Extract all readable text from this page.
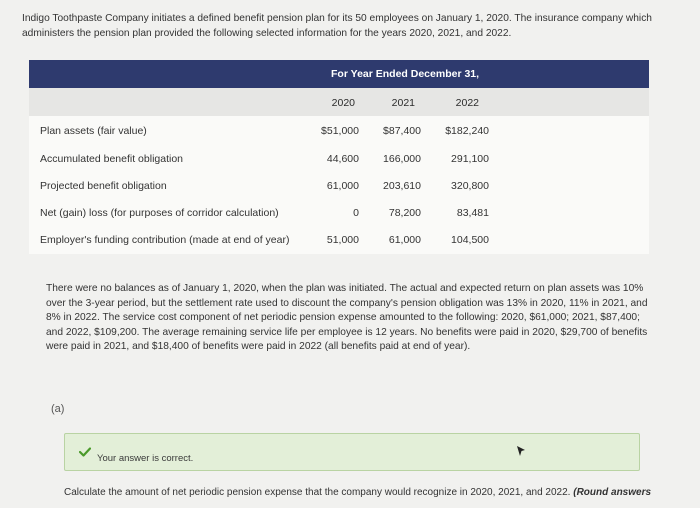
Indigo Toothpaste Company initiates a defined benefit pension plan for its 50 employees on January 1, 2020. The insurance company which administers the pension plan provided the following selected information for the years 2020, 2021, and 2022.
For Year Ended December 31,
2020	2021	2022
Plan assets (fair value)	$51,000	$87,400	$182,240
Accumulated benefit obligation	44,600	166,000	291,100
Projected benefit obligation	61,000	203,610	320,800
Net (gain) loss (for purposes of corridor calculation)	0	78,200	83,481
Employer's funding contribution (made at end of year)	51,000	61,000	104,500
There were no balances as of January 1, 2020, when the plan was initiated. The actual and expected return on plan assets was 10% over the 3-year period, but the settlement rate used to discount the company's pension obligation was 13% in 2020, 11% in 2021, and 8% in 2022. The service cost component of net periodic pension expense amounted to the following: 2020, $61,000; 2021, $87,400; and 2022, $109,200. The average remaining service life per employee is 12 years. No benefits were paid in 2020, $29,700 of benefits were paid in 2021, and $18,400 of benefits were paid in 2022 (all benefits paid at end of year).
(a)
Your answer is correct.
Calculate the amount of net periodic pension expense that the company would recognize in 2020, 2021, and 2022. (Round answers
